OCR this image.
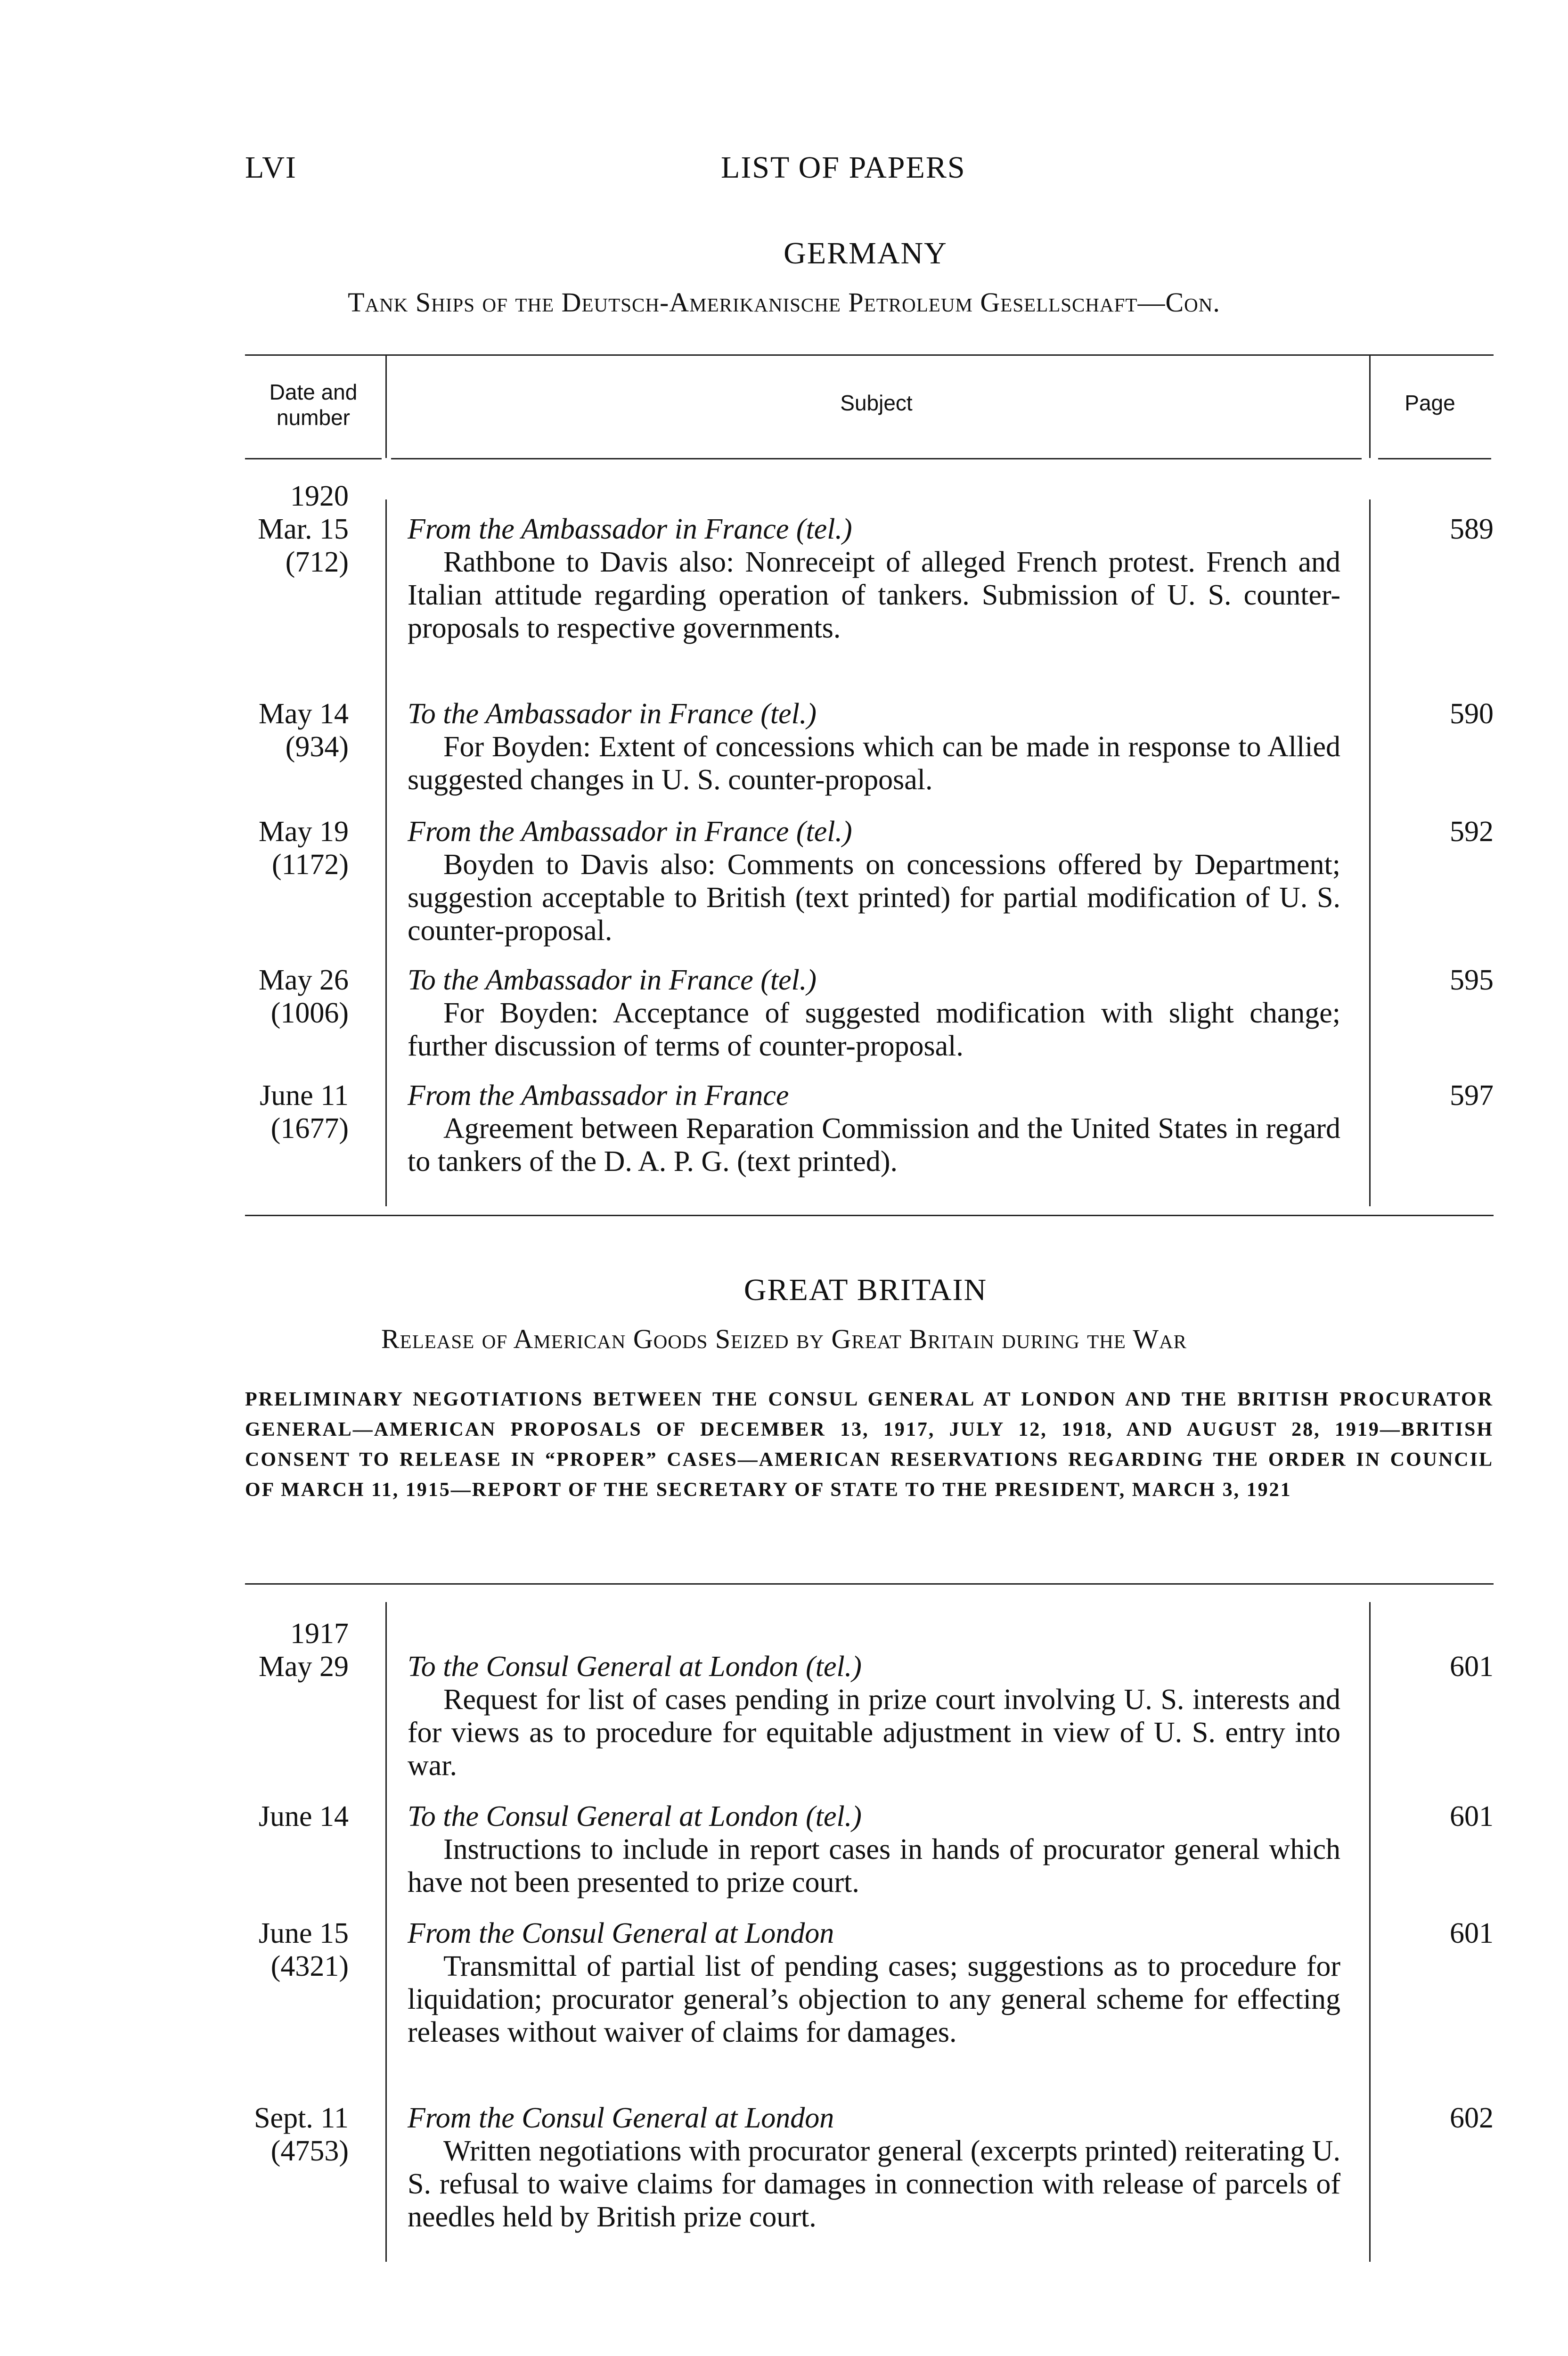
LVI	LIST OF PAPERS
GERMANY
Tank Ships of the Deutsch-Amerikanische Petroleum Gesellschaft—Con.
Date and
number
Subject	Page
1920
Mar. 15
(712)
From the Ambassador in France (tel.)
Rathbone to Davis also: Nonreceipt of alleged French protest. French and Italian attitude regarding operation of tankers. Submission of U. S. counter-proposals to respective governments.
589
May 14
(934)
To the Ambassador in France (tel.)
For Boyden: Extent of concessions which can be made in response to Allied suggested changes in U. S. counter-proposal.
590
May 19
(1172)
From the Ambassador in France (tel.)
Boyden to Davis also: Comments on concessions offered by Department; suggestion acceptable to British (text printed) for partial modification of U. S. counter-proposal.
592
May 26
(1006)
To the Ambassador in France (tel.)
For Boyden: Acceptance of suggested modification with slight change; further discussion of terms of counter-proposal.
595
June 11
(1677)
From the Ambassador in France
Agreement between Reparation Commission and the United States in regard to tankers of the D. A. P. G. (text printed).
597
GREAT BRITAIN
Release of American Goods Seized by Great Britain during the War
PRELIMINARY NEGOTIATIONS BETWEEN THE CONSUL GENERAL AT LONDON AND THE BRITISH PROCURATOR GENERAL—AMERICAN PROPOSALS OF DECEMBER 13, 1917, JULY 12, 1918, AND AUGUST 28, 1919—BRITISH CONSENT TO RELEASE IN “PROPER” CASES—AMERICAN RESERVATIONS REGARDING THE ORDER IN COUNCIL OF MARCH 11, 1915—REPORT OF THE SECRETARY OF STATE TO THE PRESIDENT, MARCH 3, 1921
1917
May 29 To the Consul General at London (tel.)
Request for list of cases pending in prize court involving U. S. interests and for views as to procedure for equitable adjustment in view of U. S. entry into war.
601
June 14 To the Consul General at London (tel.)
Instructions to include in report cases in hands of procurator general which have not been presented to prize court.
601
June 15
(4321)
From the Consul General at London
Transmittal of partial list of pending cases; suggestions as to procedure for liquidation; procurator general’s objection to any general scheme for effecting releases without waiver of claims for damages.
601
Sept. 11
(4753)
From the Consul General at London
Written negotiations with procurator general (excerpts printed) reiterating U. S. refusal to waive claims for damages in connection with release of parcels of needles held by British prize court.
602
